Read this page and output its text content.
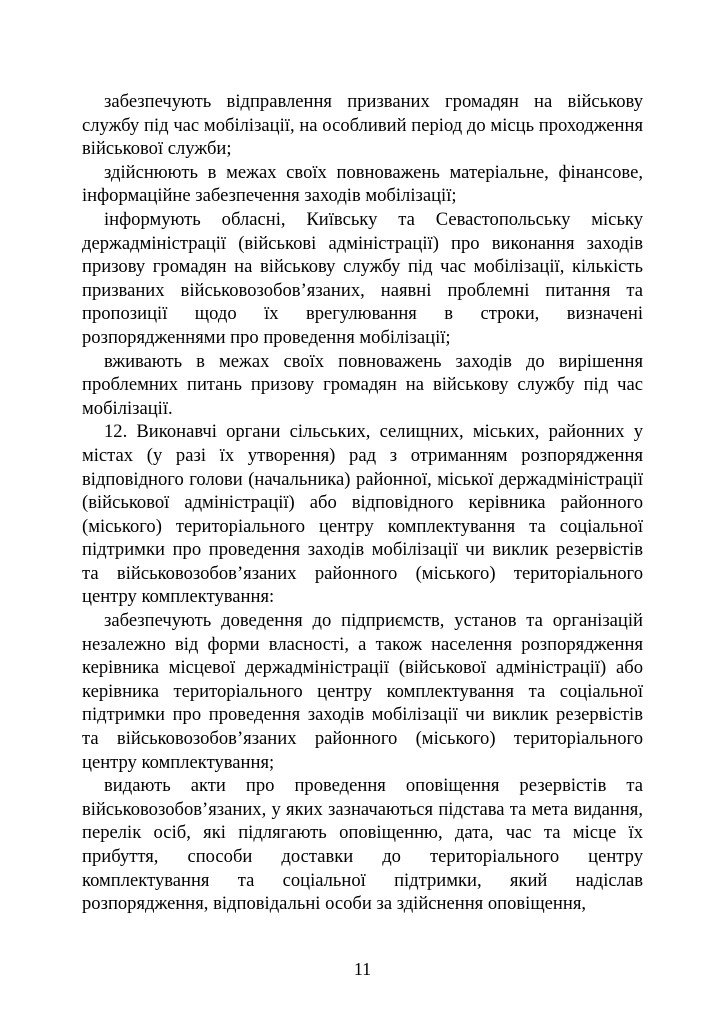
забезпечують відправлення призваних громадян на військову службу під час мобілізації, на особливий період до місць проходження військової служби;

здійснюють в межах своїх повноважень матеріальне, фінансове, інформаційне забезпечення заходів мобілізації;

інформують обласні, Київську та Севастопольську міську держадміністрації (військові адміністрації) про виконання заходів призову громадян на військову службу під час мобілізації, кількість призваних військовозобов’язаних, наявні проблемні питання та пропозиції щодо їх врегулювання в строки, визначені розпорядженнями про проведення мобілізації;

вживають в межах своїх повноважень заходів до вирішення проблемних питань призову громадян на військову службу під час мобілізації.

12. Виконавчі органи сільських, селищних, міських, районних у містах (у разі їх утворення) рад з отриманням розпорядження відповідного голови (начальника) районної, міської держадміністрації (військової адміністрації) або відповідного керівника районного (міського) територіального центру комплектування та соціальної підтримки про проведення заходів мобілізації чи виклик резервістів та військовозобов’язаних районного (міського) територіального центру комплектування:

забезпечують доведення до підприємств, установ та організацій незалежно від форми власності, а також населення розпорядження керівника місцевої держадміністрації (військової адміністрації) або керівника територіального центру комплектування та соціальної підтримки про проведення заходів мобілізації чи виклик резервістів та військовозобов’язаних районного (міського) територіального центру комплектування;

видають акти про проведення оповіщення резервістів та військовозобов’язаних, у яких зазначаються підстава та мета видання, перелік осіб, які підлягають оповіщенню, дата, час та місце їх прибуття, способи доставки до територіального центру комплектування та соціальної підтримки, який надіслав розпорядження, відповідальні особи за здійснення оповіщення,

11
